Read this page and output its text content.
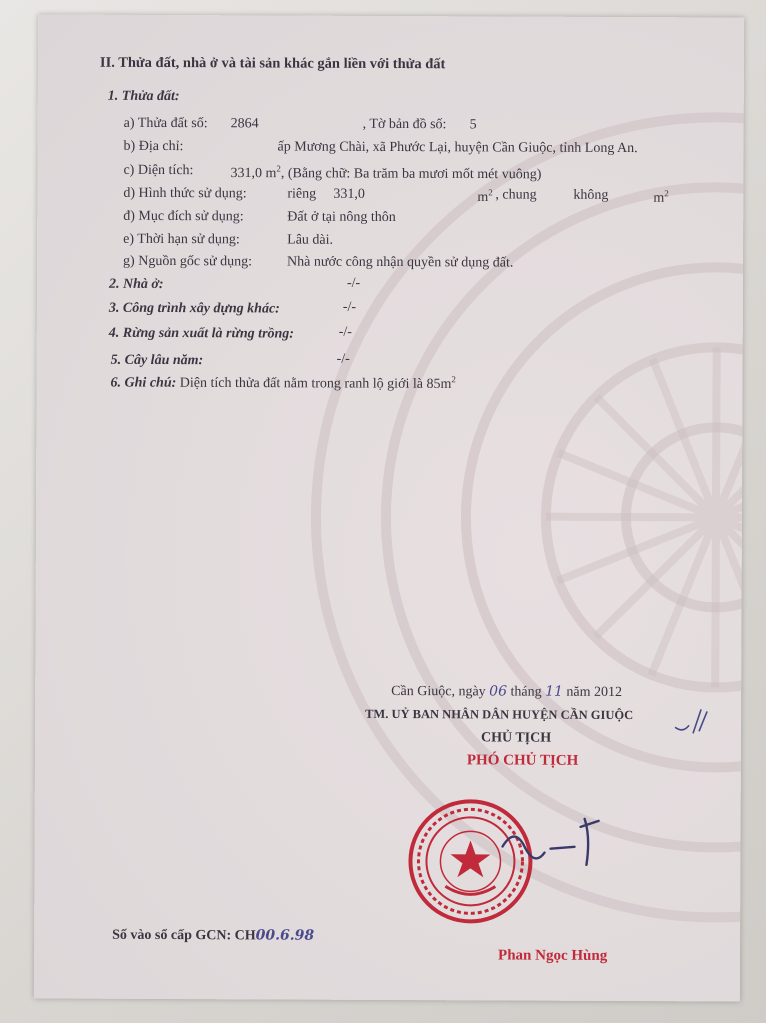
II. Thửa đất, nhà ở và tài sản khác gắn liền với thửa đất
1. Thửa đất:
a) Thửa đất số: 2864	, Tờ bản đồ số: 5
b) Địa chỉ:	ấp Mương Chài, xã Phước Lại, huyện Cần Giuộc, tỉnh Long An.
c) Diện tích:	331,0 $m^2$, (Bằng chữ: Ba trăm ba mươi mốt mét vuông)
d) Hình thức sử dụng:	riêng 331,0	$m^2$ , chung	không	$m^2$
đ) Mục đích sử dụng:	Đất ở tại nông thôn
e) Thời hạn sử dụng:	Lâu dài.
g) Nguồn gốc sử dụng:	Nhà nước công nhận quyền sử dụng đất.
2. Nhà ở:	-/-
3. Công trình xây dựng khác:	-/-
4. Rừng sản xuất là rừng trồng:	-/-
5. Cây lâu năm:	-/-
6. Ghi chú: Diện tích thửa đất nằm trong ranh lộ giới là $85m^2$
Cần Giuộc, ngày 06 tháng 11 năm 2012
TM. UỶ BAN NHÂN DÂN HUYỆN CẦN GIUỘC
CHỦ TỊCH
PHÓ CHỦ TỊCH
Số vào sổ cấp GCN: CH00.6.98
Phan Ngọc Hùng
